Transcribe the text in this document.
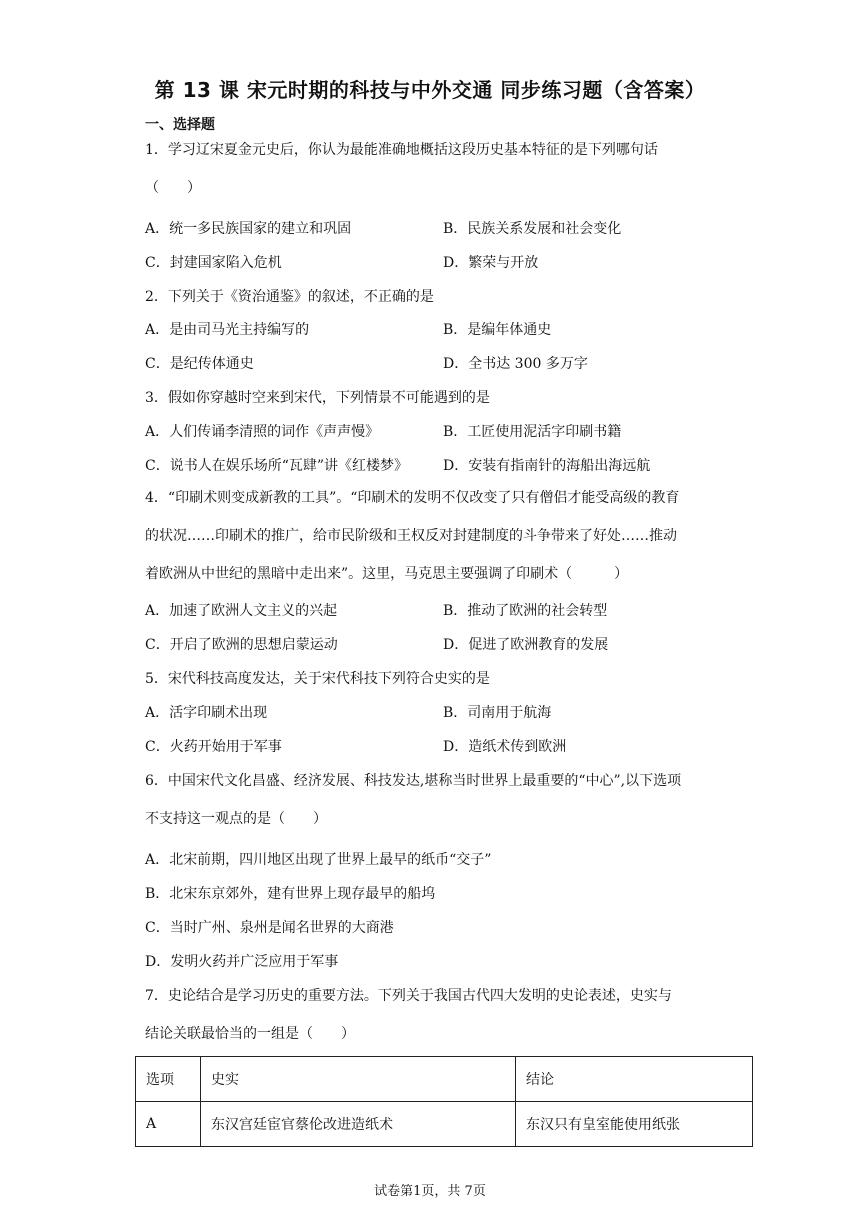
第 13 课 宋元时期的科技与中外交通 同步练习题（含答案）
一、选择题
1．学习辽宋夏金元史后，你认为最能准确地概括这段历史基本特征的是下列哪句话
（　　）
A．统一多民族国家的建立和巩固	B．民族关系发展和社会变化
C．封建国家陷入危机	D．繁荣与开放
2．下列关于《资治通鉴》的叙述，不正确的是
A．是由司马光主持编写的	B．是编年体通史
C．是纪传体通史	D．全书达 300 多万字
3．假如你穿越时空来到宋代，下列情景不可能遇到的是
A．人们传诵李清照的词作《声声慢》	B．工匠使用泥活字印刷书籍
C．说书人在娱乐场所“瓦肆”讲《红楼梦》 D．安装有指南针的海船出海远航
4．“印刷术则变成新教的工具”。“印刷术的发明不仅改变了只有僧侣才能受高级的教育
的状况……印刷术的推广，给市民阶级和王权反对封建制度的斗争带来了好处……推动
着欧洲从中世纪的黑暗中走出来”。这里，马克思主要强调了印刷术（　　　）
A．加速了欧洲人文主义的兴起	B．推动了欧洲的社会转型
C．开启了欧洲的思想启蒙运动	D．促进了欧洲教育的发展
5．宋代科技高度发达，关于宋代科技下列符合史实的是
A．活字印刷术出现	B．司南用于航海
C．火药开始用于军事	D．造纸术传到欧洲
6．中国宋代文化昌盛、经济发展、科技发达,堪称当时世界上最重要的“中心”,以下选项
不支持这一观点的是（　　）
A．北宋前期，四川地区出现了世界上最早的纸币“交子”
B．北宋东京郊外，建有世界上现存最早的船坞
C．当时广州、泉州是闻名世界的大商港
D．发明火药并广泛应用于军事
7．史论结合是学习历史的重要方法。下列关于我国古代四大发明的史论表述，史实与
结论关联最恰当的一组是（　　）
选项	史实	结论
A	东汉宫廷宦官蔡伦改进造纸术	东汉只有皇室能使用纸张
试卷第1页，共 7页
